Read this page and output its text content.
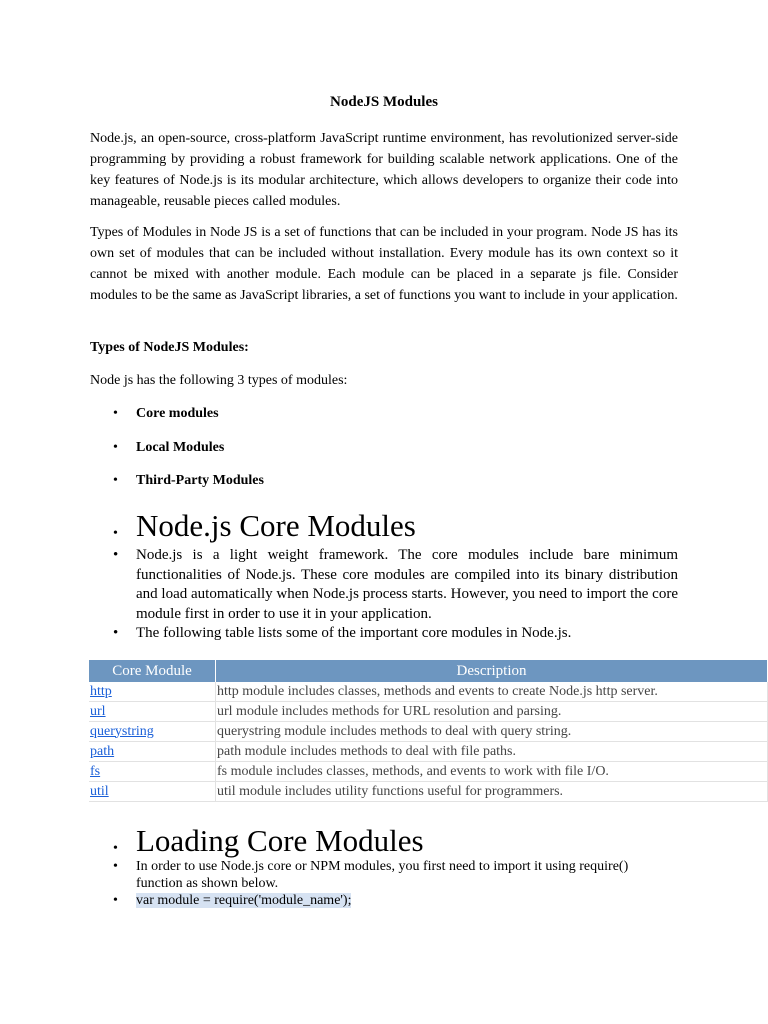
NodeJS Modules

Node.js, an open-source, cross-platform JavaScript runtime environment, has revolutionized server-side programming by providing a robust framework for building scalable network applications. One of the key features of Node.js is its modular architecture, which allows developers to organize their code into manageable, reusable pieces called modules.

Types of Modules in Node JS is a set of functions that can be included in your program. Node JS has its own set of modules that can be included without installation. Every module has its own context so it cannot be mixed with another module. Each module can be placed in a separate js file. Consider modules to be the same as JavaScript libraries, a set of functions you want to include in your application.

Types of NodeJS Modules:

Node js has the following 3 types of modules:

• Core modules
• Local Modules
• Third-Party Modules
• Node.js Core Modules
• Node.js is a light weight framework. The core modules include bare minimum functionalities of Node.js. These core modules are compiled into its binary distribution and load automatically when Node.js process starts. However, you need to import the core module first in order to use it in your application.
• The following table lists some of the important core modules in Node.js.
Core Module	Description
http	http module includes classes, methods and events to create Node.js http server.
url	url module includes methods for URL resolution and parsing.
querystring	querystring module includes methods to deal with query string.
path	path module includes methods to deal with file paths.
fs	fs module includes classes, methods, and events to work with file I/O.
util	util module includes utility functions useful for programmers.
• Loading Core Modules
• In order to use Node.js core or NPM modules, you first need to import it using require() function as shown below.
• var module = require('module_name');
